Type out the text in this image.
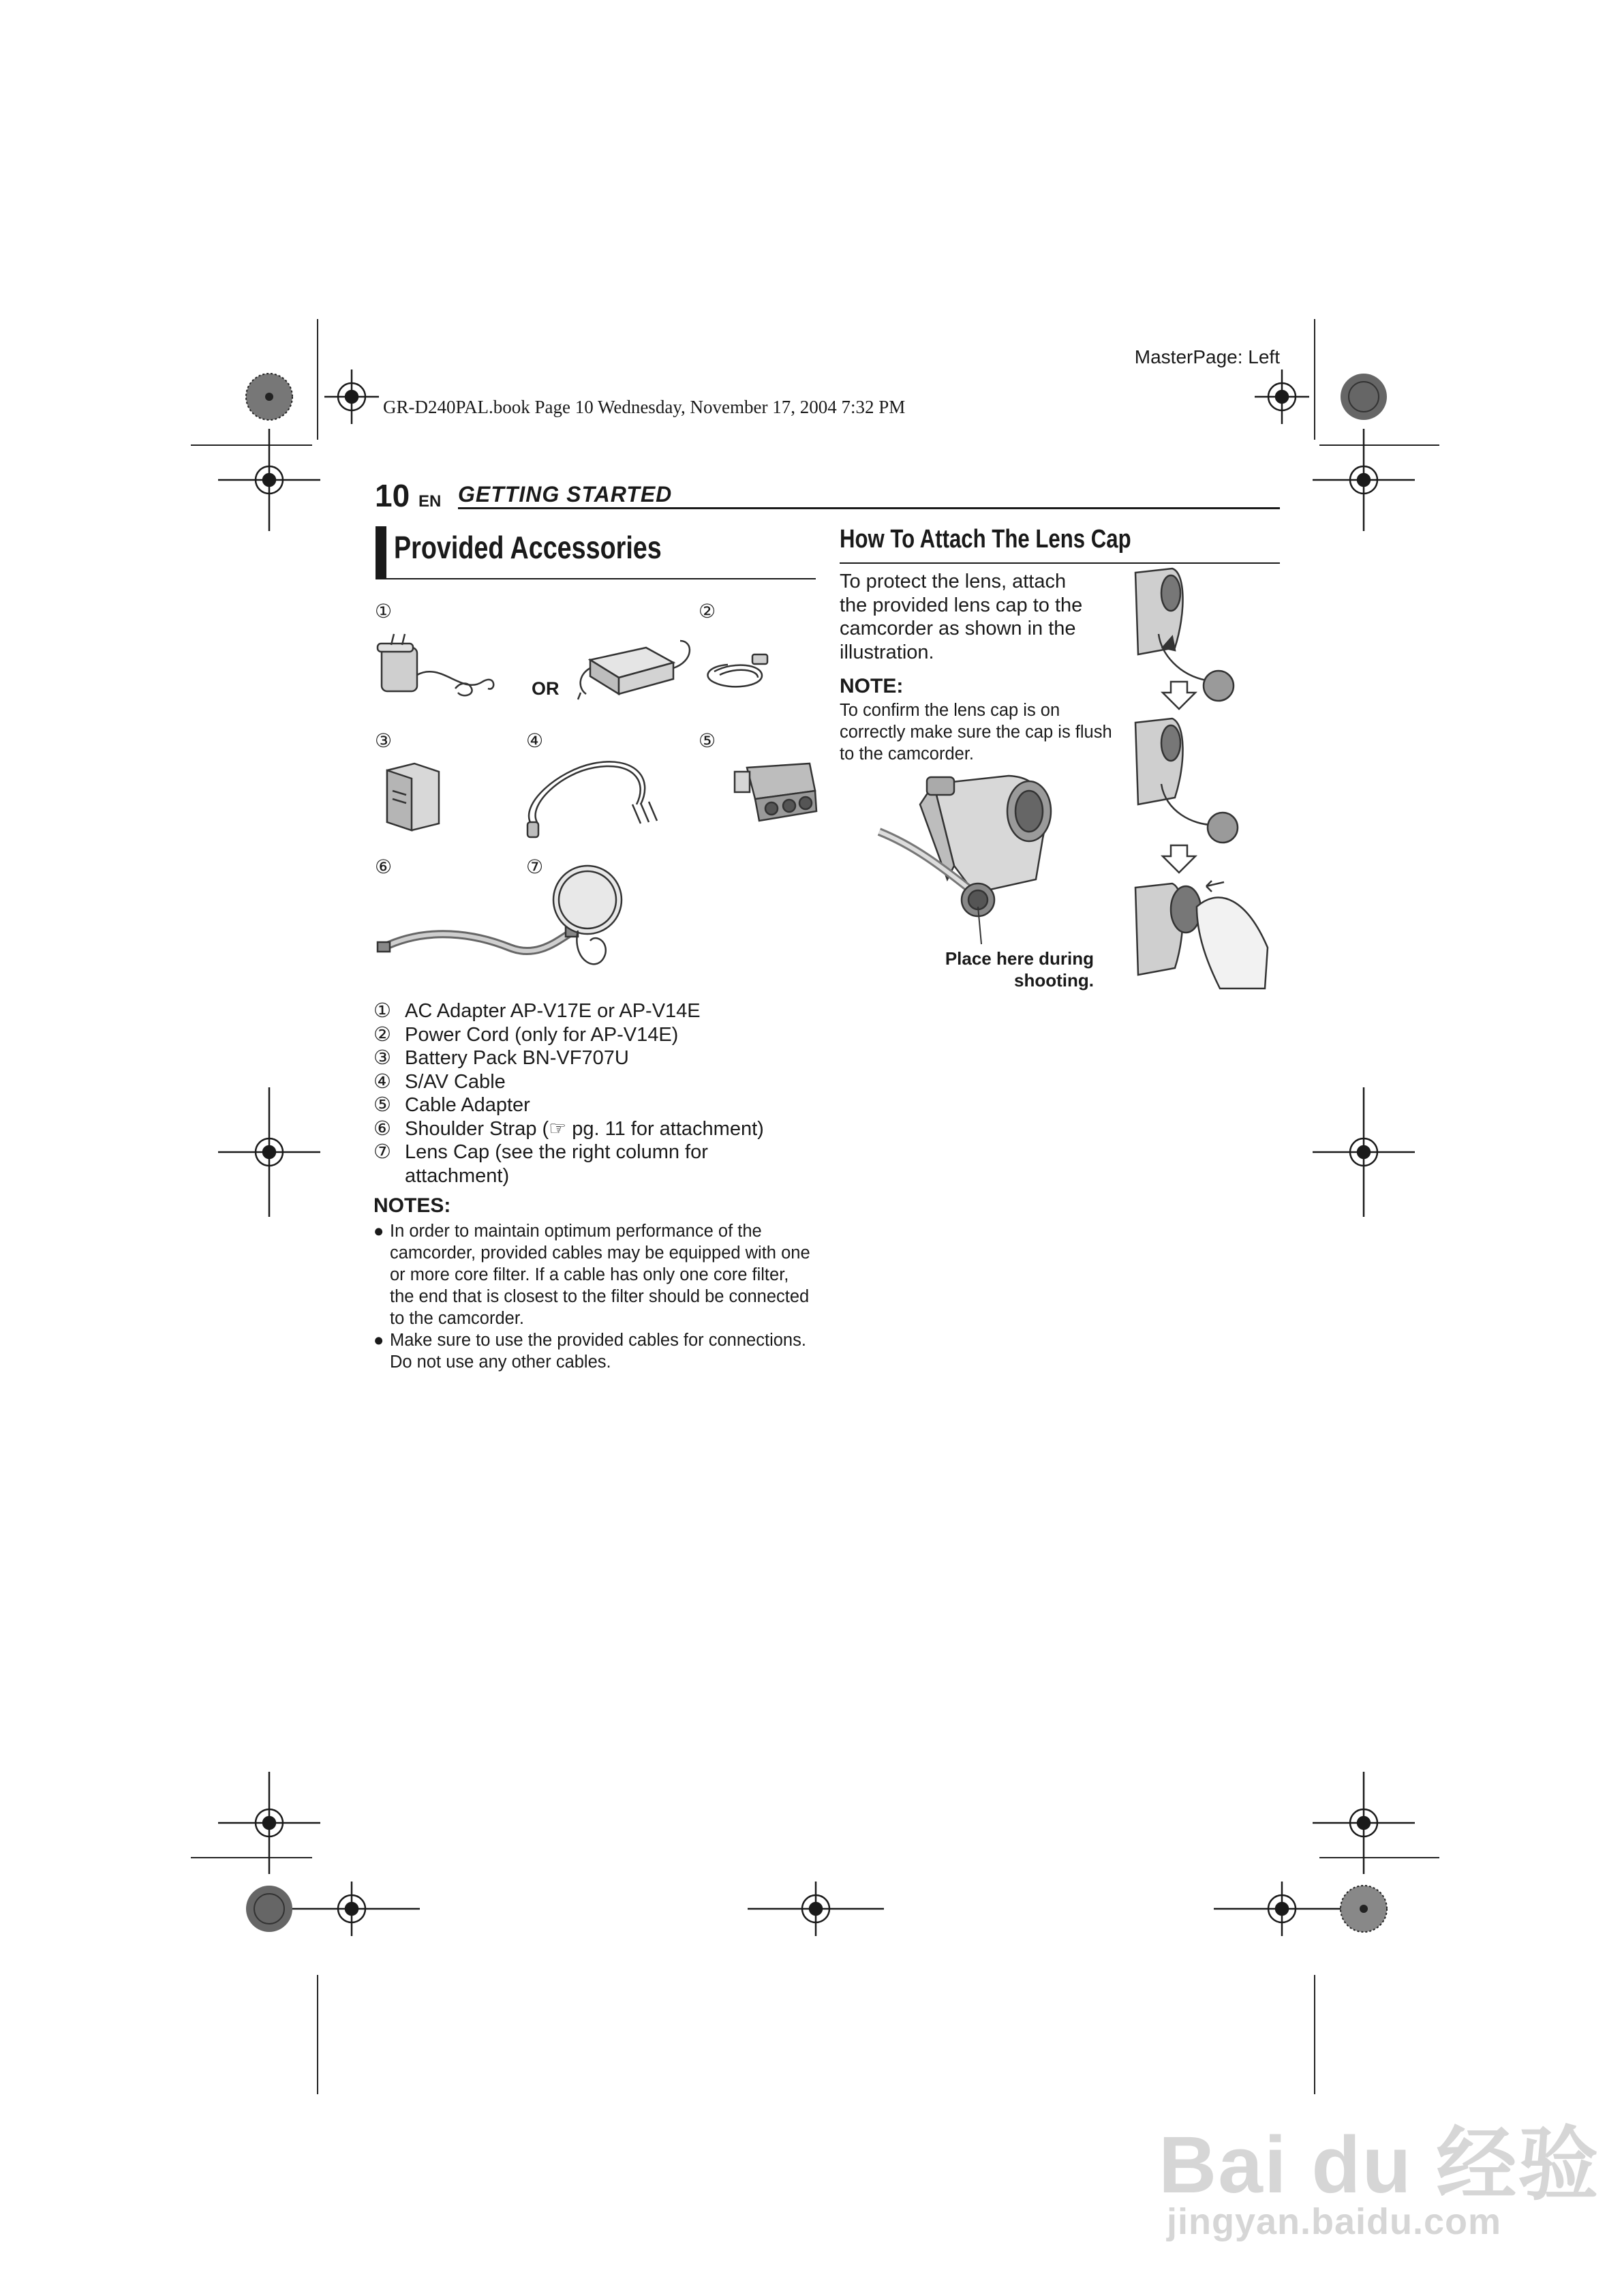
MasterPage: Left
GR-D240PAL.book Page 10 Wednesday, November 17, 2004 7:32 PM
10 EN GETTING STARTED
Provided Accessories
①	②
③	④	⑤
⑥	⑦
OR
① AC Adapter AP-V17E or AP-V14E
② Power Cord (only for AP-V14E)
③ Battery Pack BN-VF707U
④ S/AV Cable
⑤ Cable Adapter
⑥ Shoulder Strap (☞ pg. 11 for attachment)
⑦ Lens Cap (see the right column for attachment)
NOTES:
● In order to maintain optimum performance of the camcorder, provided cables may be equipped with one or more core filter. If a cable has only one core filter, the end that is closest to the filter should be connected to the camcorder.
● Make sure to use the provided cables for connections. Do not use any other cables.
How To Attach The Lens Cap
To protect the lens, attach the provided lens cap to the camcorder as shown in the illustration.
NOTE:
To confirm the lens cap is on correctly make sure the cap is flush to the camcorder.
Place here during shooting.
Bai du 经验
jingyan.baidu.com
